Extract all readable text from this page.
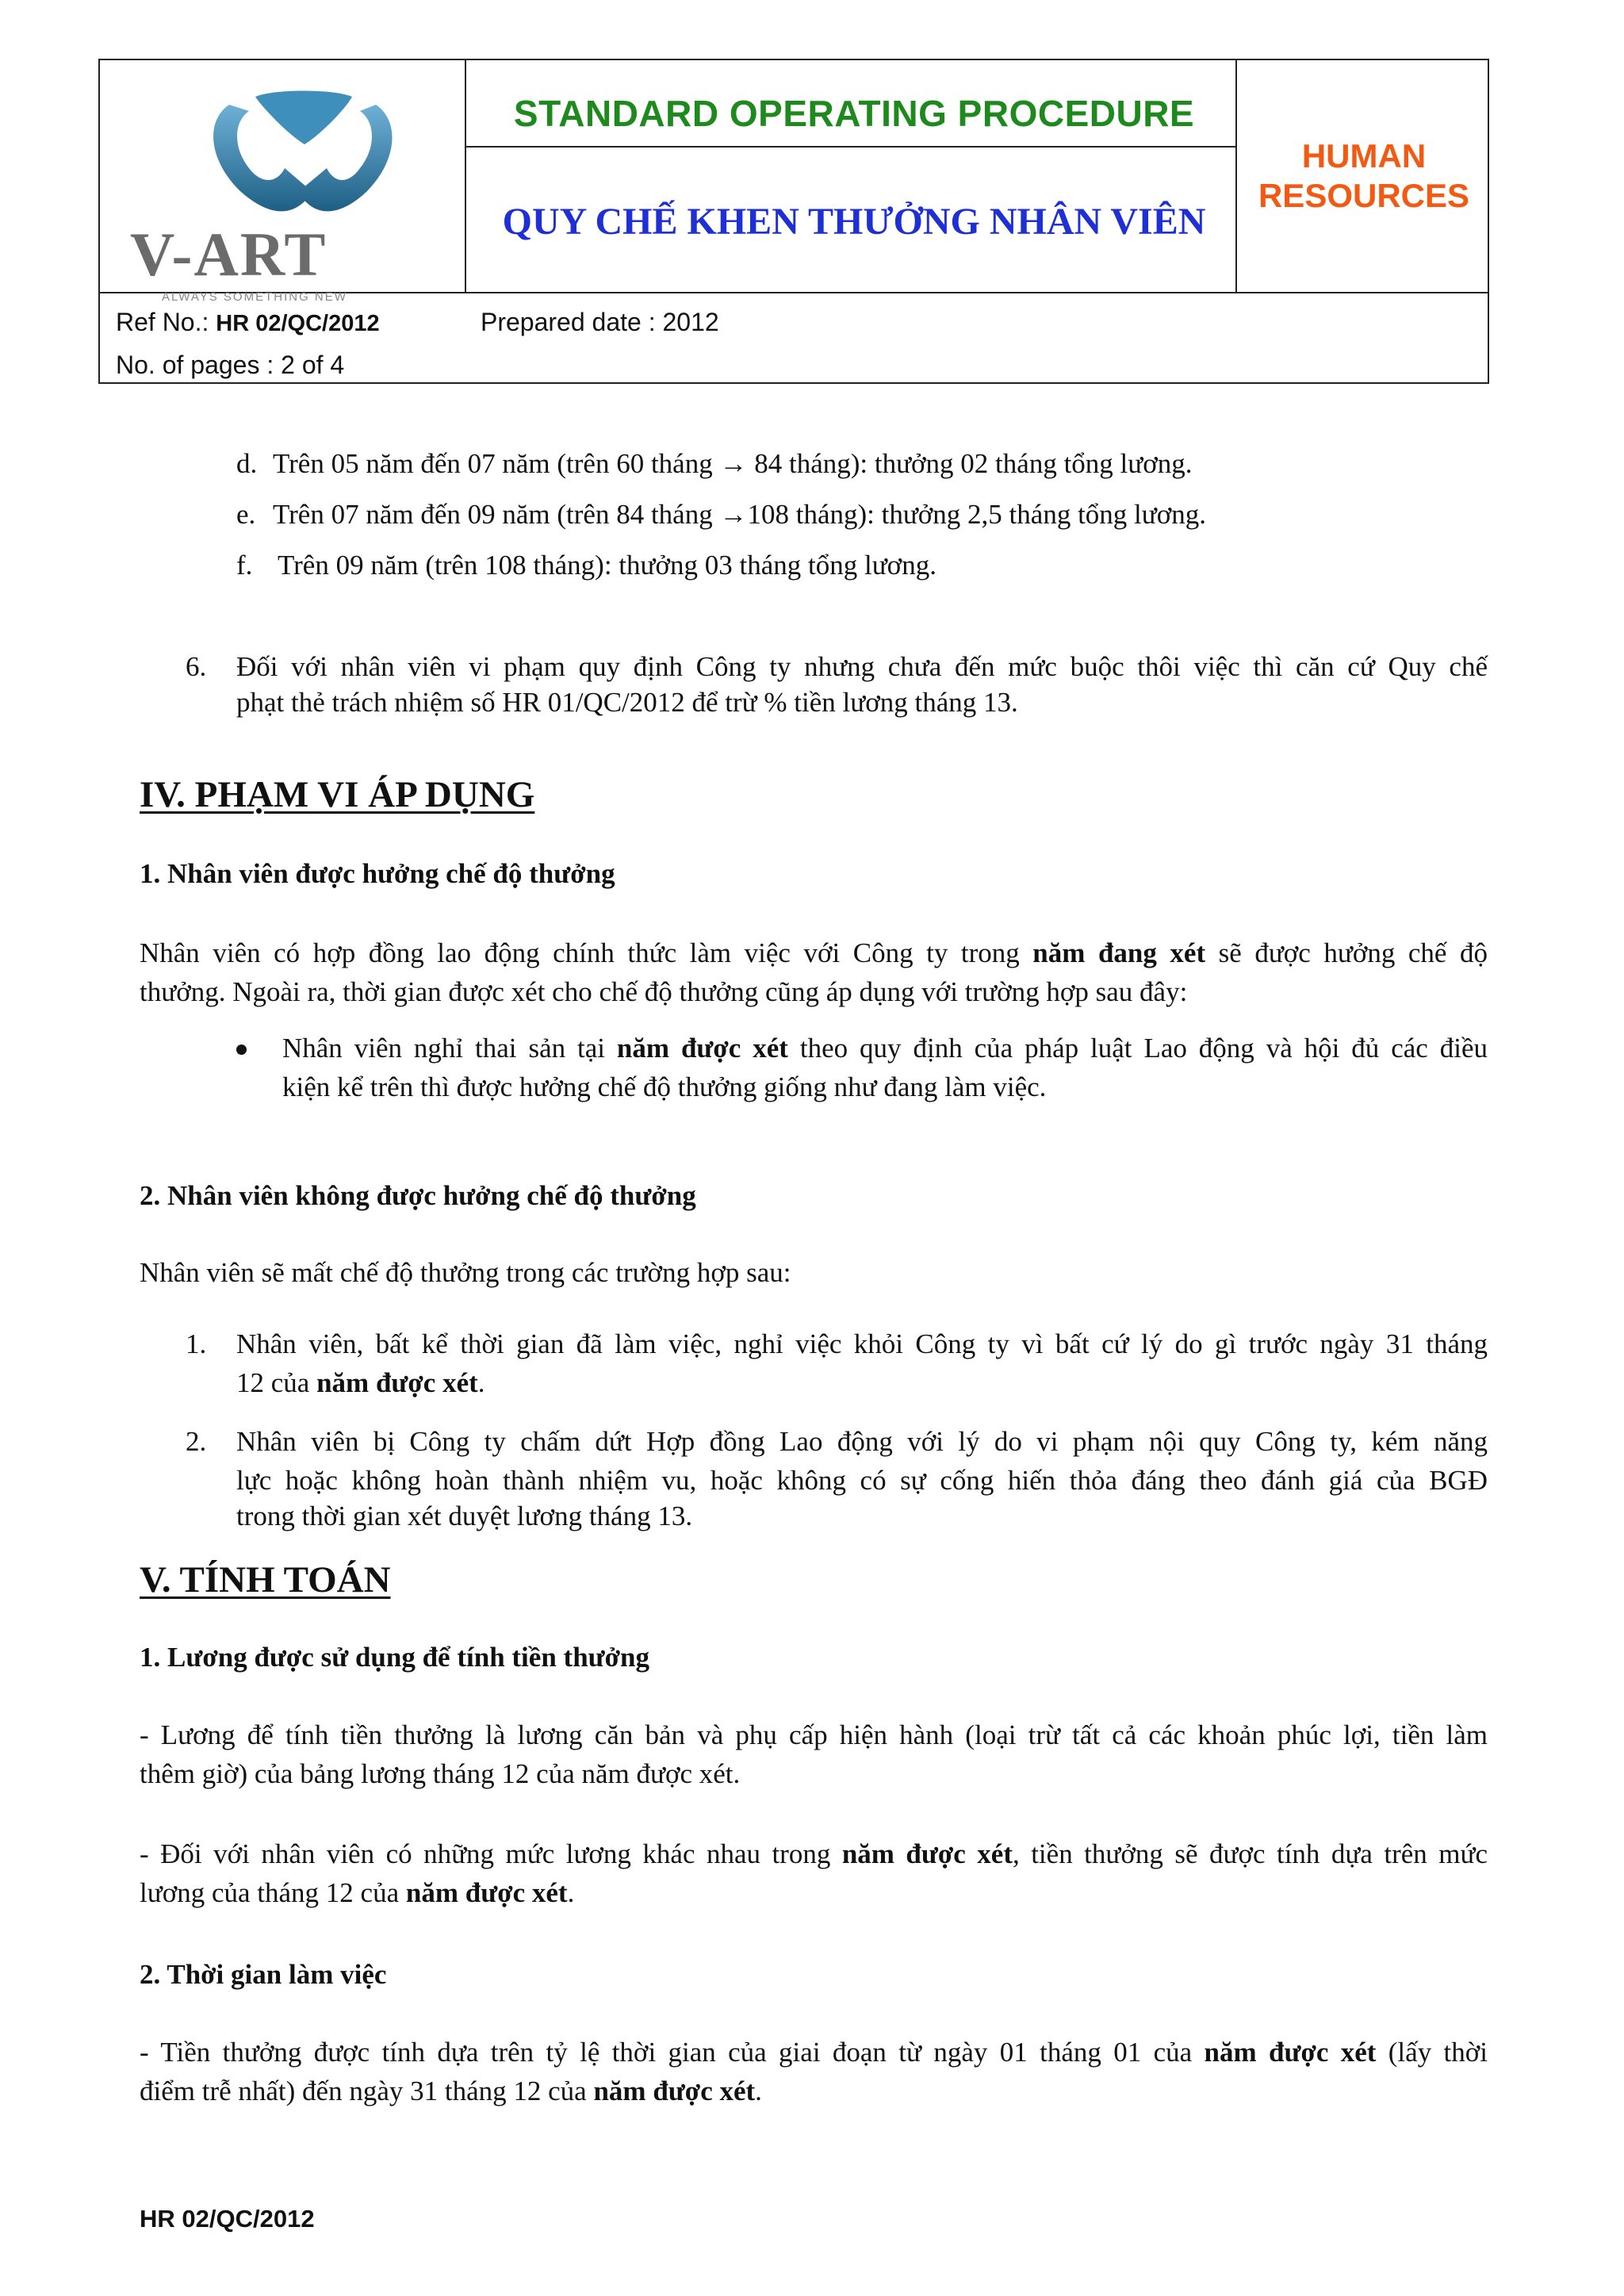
V-ART
ALWAYS SOMETHING NEW
STANDARD OPERATING PROCEDURE
QUY CHẾ KHEN THƯỞNG NHÂN VIÊN
HUMAN
RESOURCES
Ref No.: HR 02/QC/2012	Prepared date : 2012
No. of pages : 2 of 4
d. Trên 05 năm đến 07 năm (trên 60 tháng → 84 tháng): thưởng 02 tháng tổng lương.
e. Trên 07 năm đến 09 năm (trên 84 tháng →108 tháng): thưởng 2,5 tháng tổng lương.
f. Trên 09 năm (trên 108 tháng): thưởng 03 tháng tổng lương.
6. Đối với nhân viên vi phạm quy định Công ty nhưng chưa đến mức buộc thôi việc thì căn cứ Quy chế
phạt thẻ trách nhiệm số HR 01/QC/2012 để trừ % tiền lương tháng 13.
IV. PHẠM VI ÁP DỤNG
1. Nhân viên được hưởng chế độ thưởng
Nhân viên có hợp đồng lao động chính thức làm việc với Công ty trong năm đang xét sẽ được hưởng chế độ
thưởng. Ngoài ra, thời gian được xét cho chế độ thưởng cũng áp dụng với trường hợp sau đây:
Nhân viên nghỉ thai sản tại năm được xét theo quy định của pháp luật Lao động và hội đủ các điều
kiện kể trên thì được hưởng chế độ thưởng giống như đang làm việc.
2. Nhân viên không được hưởng chế độ thưởng
Nhân viên sẽ mất chế độ thưởng trong các trường hợp sau:
1. Nhân viên, bất kể thời gian đã làm việc, nghỉ việc khỏi Công ty vì bất cứ lý do gì trước ngày 31 tháng
12 của năm được xét.
2. Nhân viên bị Công ty chấm dứt Hợp đồng Lao động với lý do vi phạm nội quy Công ty, kém năng
lực hoặc không hoàn thành nhiệm vu, hoặc không có sự cống hiến thỏa đáng theo đánh giá của BGĐ
trong thời gian xét duyệt lương tháng 13.
V. TÍNH TOÁN
1. Lương được sử dụng để tính tiền thưởng
- Lương để tính tiền thưởng là lương căn bản và phụ cấp hiện hành (loại trừ tất cả các khoản phúc lợi, tiền làm
thêm giờ) của bảng lương tháng 12 của năm được xét.
- Đối với nhân viên có những mức lương khác nhau trong năm được xét, tiền thưởng sẽ được tính dựa trên mức
lương của tháng 12 của năm được xét.
2. Thời gian làm việc
- Tiền thưởng được tính dựa trên tỷ lệ thời gian của giai đoạn từ ngày 01 tháng 01 của năm được xét (lấy thời
điểm trễ nhất) đến ngày 31 tháng 12 của năm được xét.
HR 02/QC/2012
